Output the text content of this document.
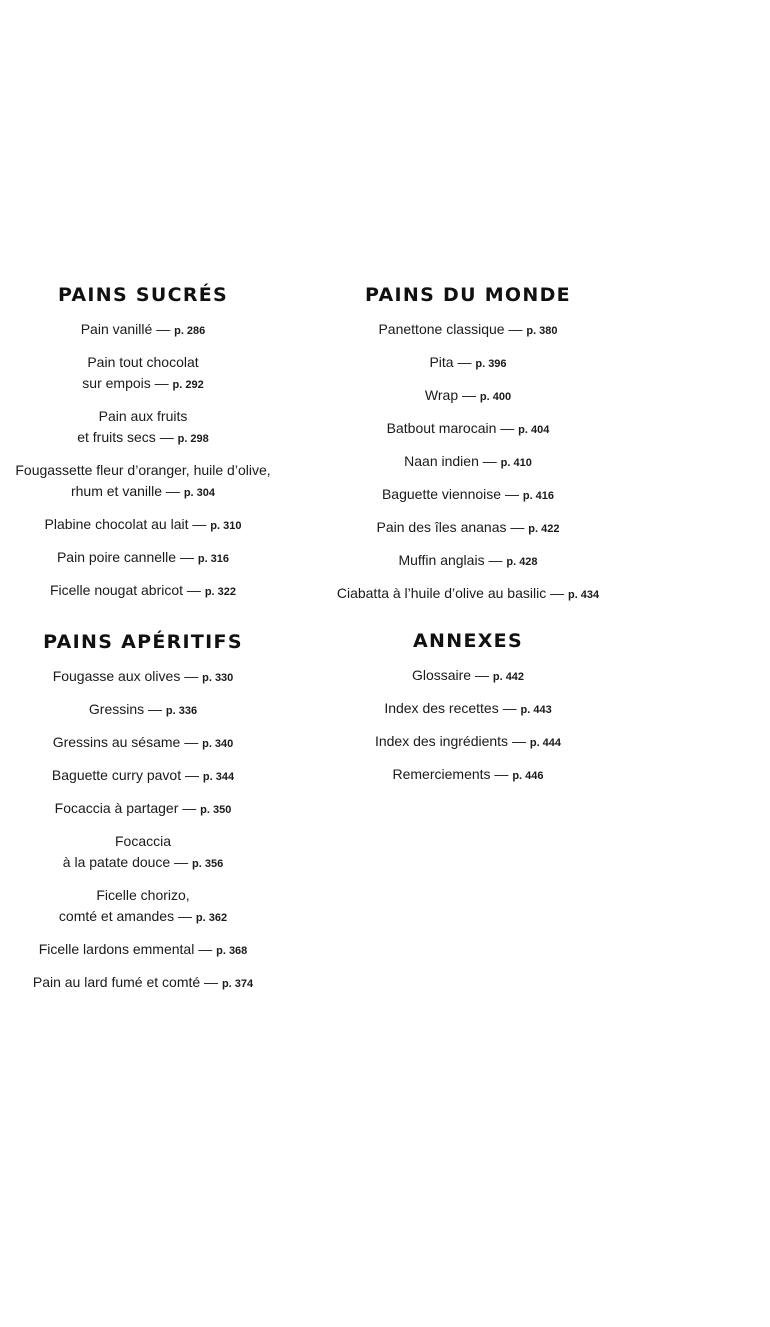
PAINS SUCRÉS
Pain vanillé — p. 286
Pain tout chocolat
sur empois — p. 292
Pain aux fruits
et fruits secs — p. 298
Fougassette fleur d’oranger, huile d’olive,
rhum et vanille — p. 304
Plabine chocolat au lait — p. 310
Pain poire cannelle — p. 316
Ficelle nougat abricot — p. 322
PAINS APÉRITIFS
Fougasse aux olives — p. 330
Gressins — p. 336
Gressins au sésame — p. 340
Baguette curry pavot — p. 344
Focaccia à partager — p. 350
Focaccia
à la patate douce — p. 356
Ficelle chorizo,
comté et amandes — p. 362
Ficelle lardons emmental — p. 368
Pain au lard fumé et comté — p. 374
PAINS DU MONDE
Panettone classique — p. 380
Pita — p. 396
Wrap — p. 400
Batbout marocain — p. 404
Naan indien — p. 410
Baguette viennoise — p. 416
Pain des îles ananas — p. 422
Muffin anglais — p. 428
Ciabatta à l’huile d’olive au basilic — p. 434
ANNEXES
Glossaire — p. 442
Index des recettes — p. 443
Index des ingrédients — p. 444
Remerciements — p. 446
